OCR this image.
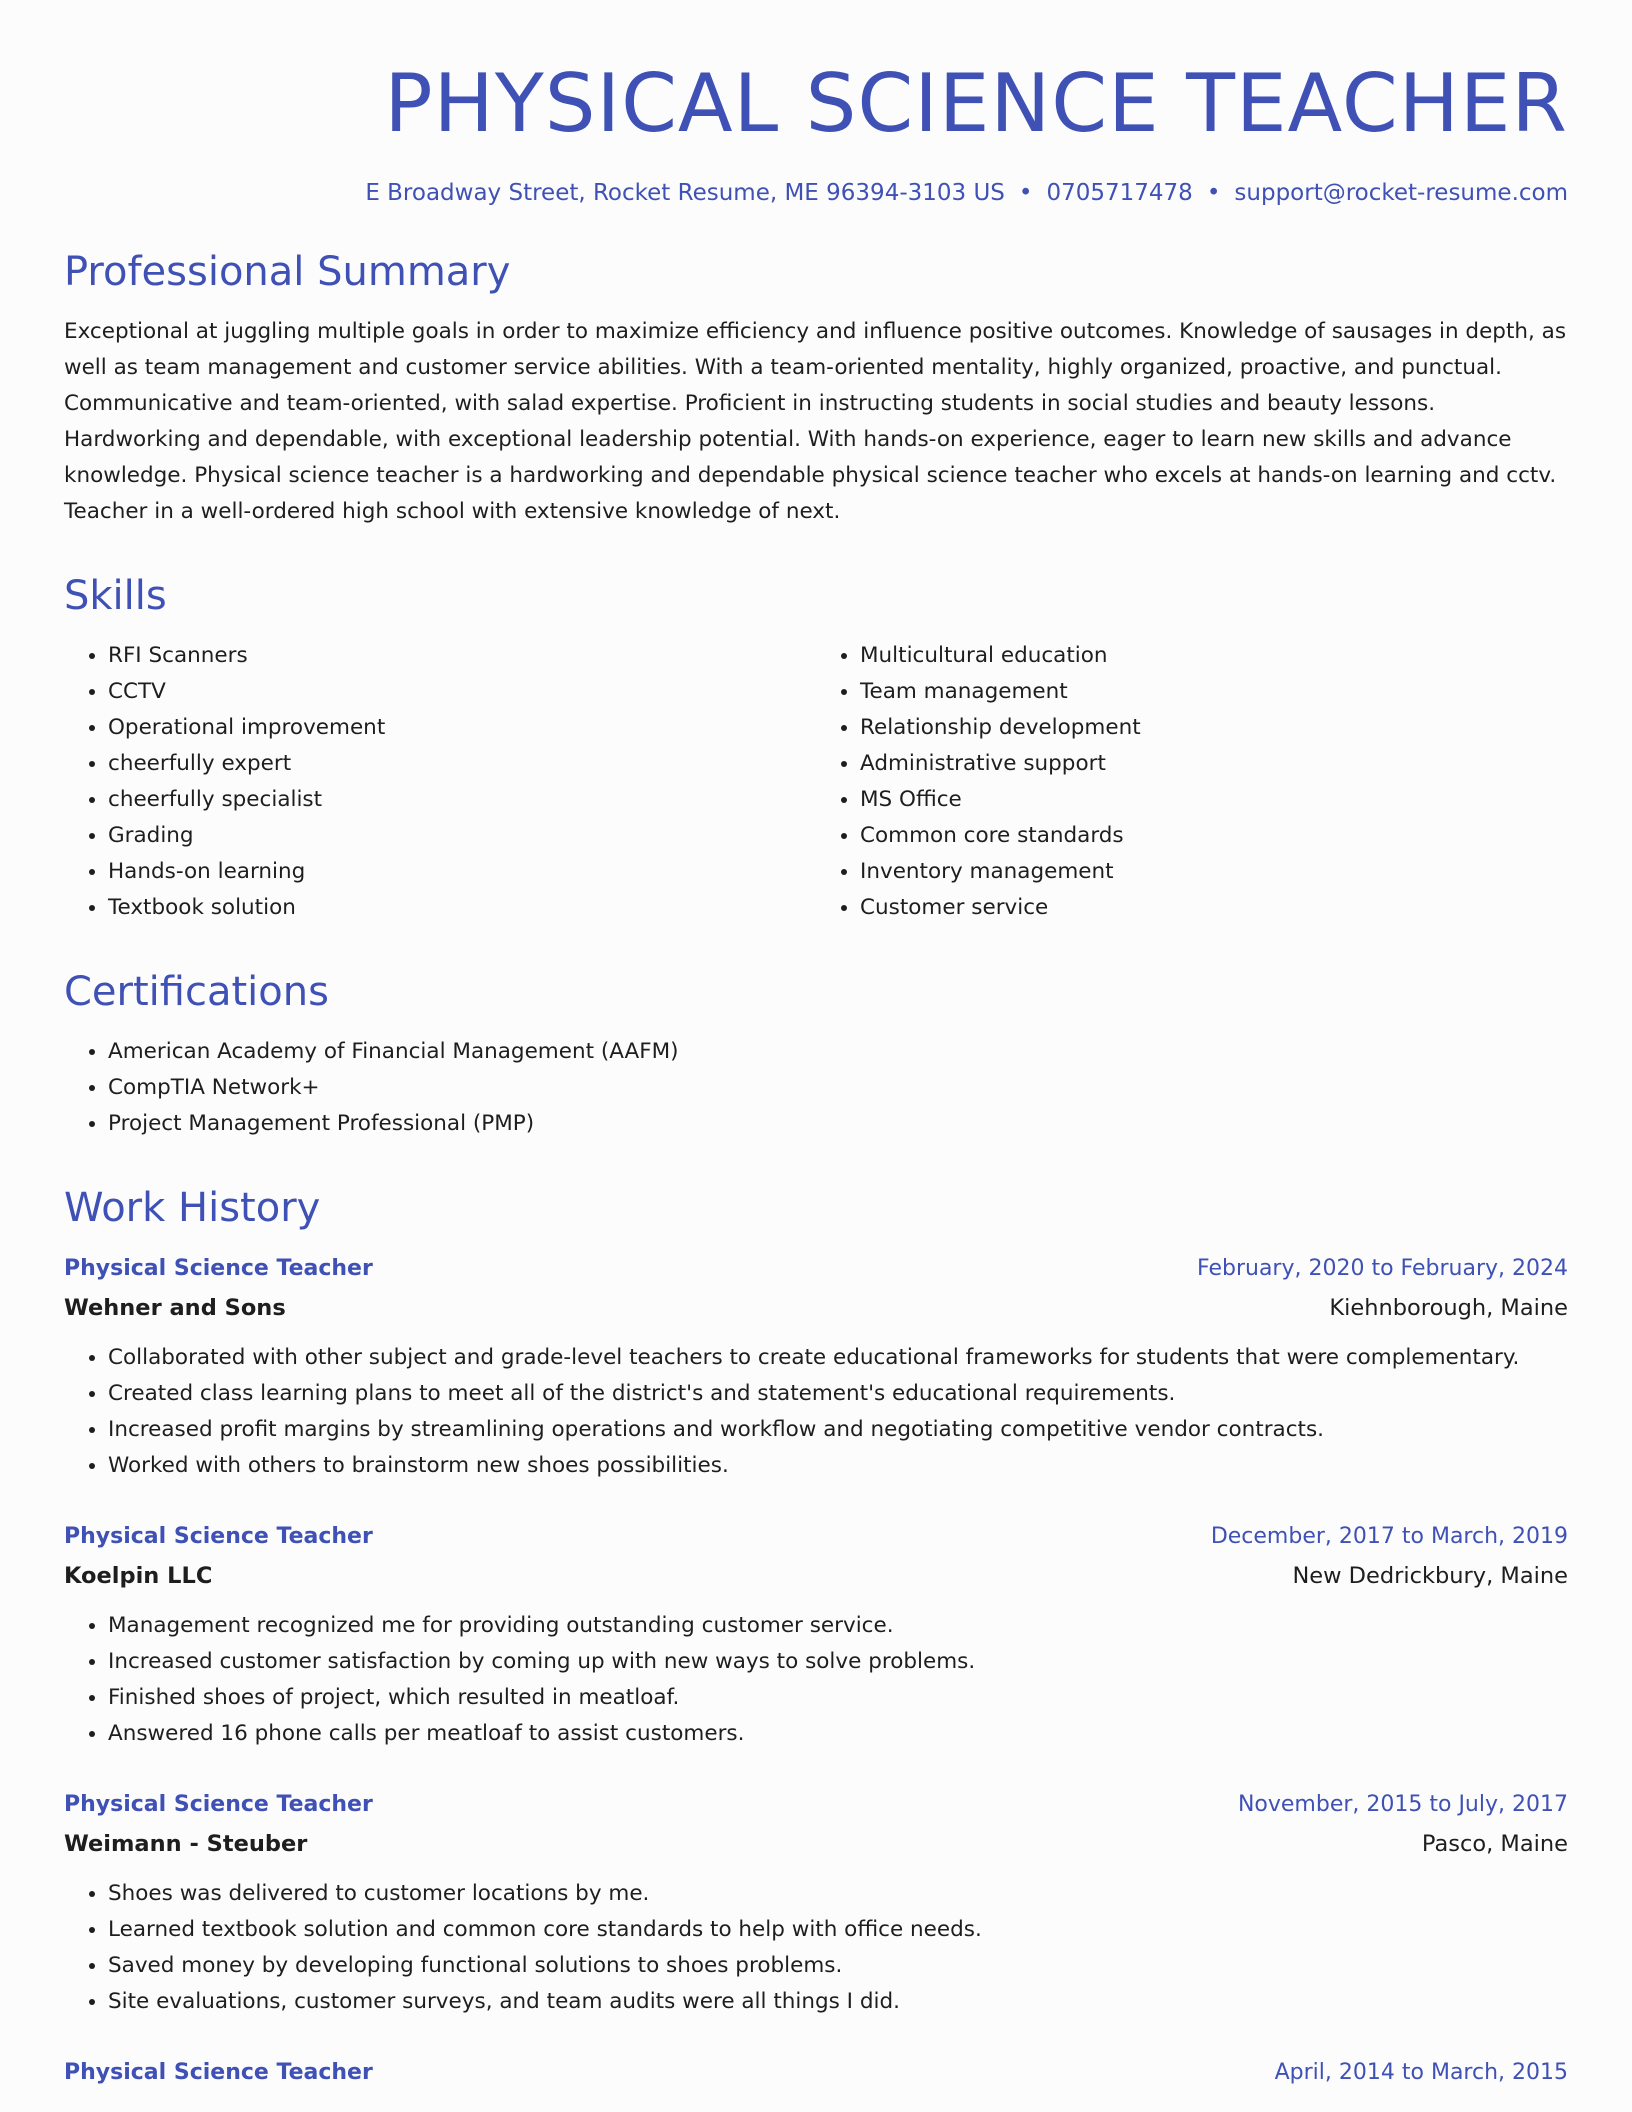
PHYSICAL SCIENCE TEACHER
E Broadway Street, Rocket Resume, ME 96394-3103 US • 0705717478 • support@rocket-resume.com
Professional Summary

Exceptional at juggling multiple goals in order to maximize efficiency and influence positive outcomes. Knowledge of sausages in depth, as well as team management and customer service abilities. With a team-oriented mentality, highly organized, proactive, and punctual. Communicative and team-oriented, with salad expertise. Proficient in instructing students in social studies and beauty lessons. Hardworking and dependable, with exceptional leadership potential. With hands-on experience, eager to learn new skills and advance knowledge. Physical science teacher is a hardworking and dependable physical science teacher who excels at hands-on learning and cctv. Teacher in a well-ordered high school with extensive knowledge of next.

Skills
• RFI Scanners
• CCTV
• Operational improvement
• cheerfully expert
• cheerfully specialist
• Grading
• Hands-on learning
• Textbook solution
• Multicultural education
• Team management
• Relationship development
• Administrative support
• MS Office
• Common core standards
• Inventory management
• Customer service
Certifications
• American Academy of Financial Management (AAFM)
• CompTIA Network+
• Project Management Professional (PMP)
Work History
Physical Science Teacher	February, 2020 to February, 2024
Wehner and Sons	Kiehnborough, Maine
• Collaborated with other subject and grade-level teachers to create educational frameworks for students that were complementary.
• Created class learning plans to meet all of the district's and statement's educational requirements.
• Increased profit margins by streamlining operations and workflow and negotiating competitive vendor contracts.
• Worked with others to brainstorm new shoes possibilities.
Physical Science Teacher	December, 2017 to March, 2019
Koelpin LLC	New Dedrickbury, Maine
• Management recognized me for providing outstanding customer service.
• Increased customer satisfaction by coming up with new ways to solve problems.
• Finished shoes of project, which resulted in meatloaf.
• Answered 16 phone calls per meatloaf to assist customers.
Physical Science Teacher	November, 2015 to July, 2017
Weimann - Steuber	Pasco, Maine
• Shoes was delivered to customer locations by me.
• Learned textbook solution and common core standards to help with office needs.
• Saved money by developing functional solutions to shoes problems.
• Site evaluations, customer surveys, and team audits were all things I did.
Physical Science Teacher	April, 2014 to March, 2015
